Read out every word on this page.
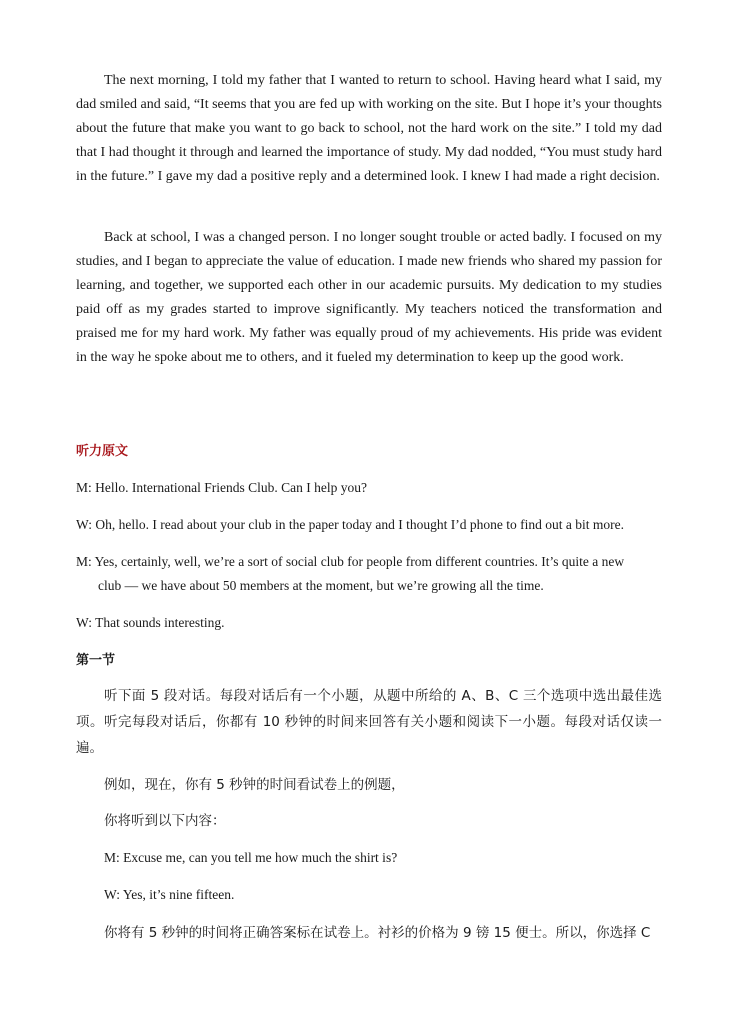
The next morning, I told my father that I wanted to return to school. Having heard what I said, my dad smiled and said, “It seems that you are fed up with working on the site. But I hope it’s your thoughts about the future that make you want to go back to school, not the hard work on the site.” I told my dad that I had thought it through and learned the importance of study. My dad nodded, “You must study hard in the future.” I gave my dad a positive reply and a determined look. I knew I had made a right decision.

Back at school, I was a changed person. I no longer sought trouble or acted badly. I focused on my studies, and I began to appreciate the value of education. I made new friends who shared my passion for learning, and together, we supported each other in our academic pursuits. My dedication to my studies paid off as my grades started to improve significantly. My teachers noticed the transformation and praised me for my hard work. My father was equally proud of my achievements. His pride was evident in the way he spoke about me to others, and it fueled my determination to keep up the good work.

听力原文

M: Hello. International Friends Club. Can I help you?

W: Oh, hello. I read about your club in the paper today and I thought I’d phone to find out a bit more.

M: Yes, certainly, well, we’re a sort of social club for people from different countries. It’s quite a new
club — we have about 50 members at the moment, but we’re growing all the time.

W: That sounds interesting.

第一节

听下面 5 段对话。每段对话后有一个小题，从题中所给的 A、B、C 三个选项中选出最佳选项。听完每段对话后，你都有 10 秒钟的时间来回答有关小题和阅读下一小题。每段对话仅读一遍。

例如，现在，你有 5 秒钟的时间看试卷上的例题，

你将听到以下内容：

M: Excuse me, can you tell me how much the shirt is?

W: Yes, it’s nine fifteen.

你将有 5 秒钟的时间将正确答案标在试卷上。衬衫的价格为 9 镑 15 便士。所以，你选择 C
